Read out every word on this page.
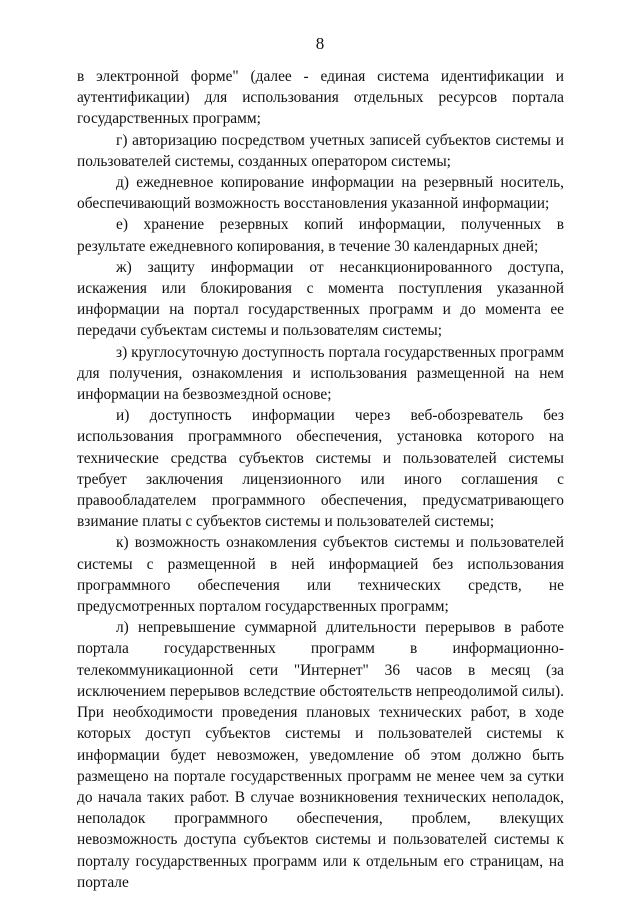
8

в электронной форме" (далее - единая система идентификации и аутентификации) для использования отдельных ресурсов портала государственных программ;

г) авторизацию посредством учетных записей субъектов системы и пользователей системы, созданных оператором системы;

д) ежедневное копирование информации на резервный носитель, обеспечивающий возможность восстановления указанной информации;

е) хранение резервных копий информации, полученных в результате ежедневного копирования, в течение 30 календарных дней;

ж) защиту информации от несанкционированного доступа, искажения или блокирования с момента поступления указанной информации на портал государственных программ и до момента ее передачи субъектам системы и пользователям системы;

з) круглосуточную доступность портала государственных программ для получения, ознакомления и использования размещенной на нем информации на безвозмездной основе;

и) доступность информации через веб-обозреватель без использования программного обеспечения, установка которого на технические средства субъектов системы и пользователей системы требует заключения лицензионного или иного соглашения с правообладателем программного обеспечения, предусматривающего взимание платы с субъектов системы и пользователей системы;

к) возможность ознакомления субъектов системы и пользователей системы с размещенной в ней информацией без использования программного обеспечения или технических средств, не предусмотренных порталом государственных программ;

л) непревышение суммарной длительности перерывов в работе портала государственных программ в информационно-телекоммуникационной сети "Интернет" 36 часов в месяц (за исключением перерывов вследствие обстоятельств непреодолимой силы). При необходимости проведения плановых технических работ, в ходе которых доступ субъектов системы и пользователей системы к информации будет невозможен, уведомление об этом должно быть размещено на портале государственных программ не менее чем за сутки до начала таких работ. В случае возникновения технических неполадок, неполадок программного обеспечения, проблем, влекущих невозможность доступа субъектов системы и пользователей системы к порталу государственных программ или к отдельным его страницам, на портале
